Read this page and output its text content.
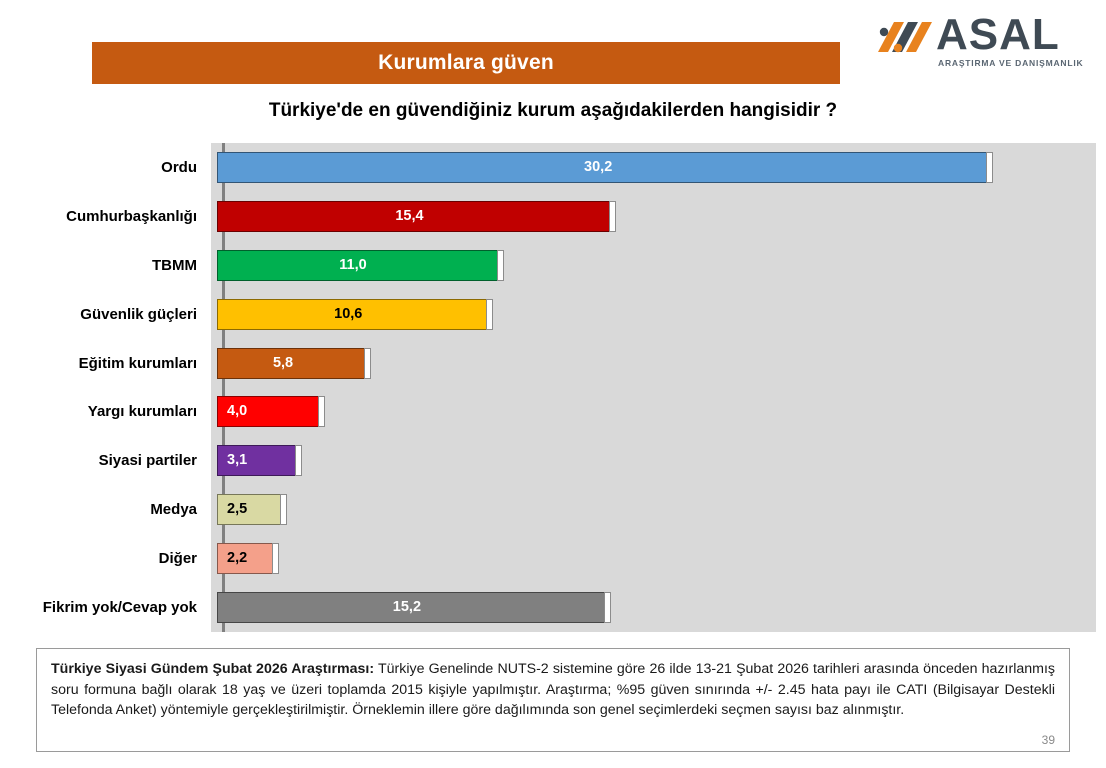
Kurumlara güven
ASAL
ARAŞTIRMA VE DANIŞMANLIK
Türkiye'de en güvendiğiniz kurum aşağıdakilerden hangisidir ?
Ordu	30,2
Cumhurbaşkanlığı	15,4
TBMM	11,0
Güvenlik güçleri	10,6
Eğitim kurumları	5,8
Yargı kurumları	4,0
Siyasi partiler	3,1
Medya	2,5
Diğer	2,2
Fikrim yok/Cevap yok	15,2

Türkiye Siyasi Gündem Şubat 2026 Araştırması: Türkiye Genelinde NUTS-2 sistemine göre 26 ilde 13-21 Şubat 2026 tarihleri arasında önceden hazırlanmış soru formuna bağlı olarak 18 yaş ve üzeri toplamda 2015 kişiyle yapılmıştır. Araştırma; %95 güven sınırında +/- 2.45 hata payı ile CATI (Bilgisayar Destekli Telefonda Anket) yöntemiyle gerçekleştirilmiştir. Örneklemin illere göre dağılımında son genel seçimlerdeki seçmen sayısı baz alınmıştır.

39
